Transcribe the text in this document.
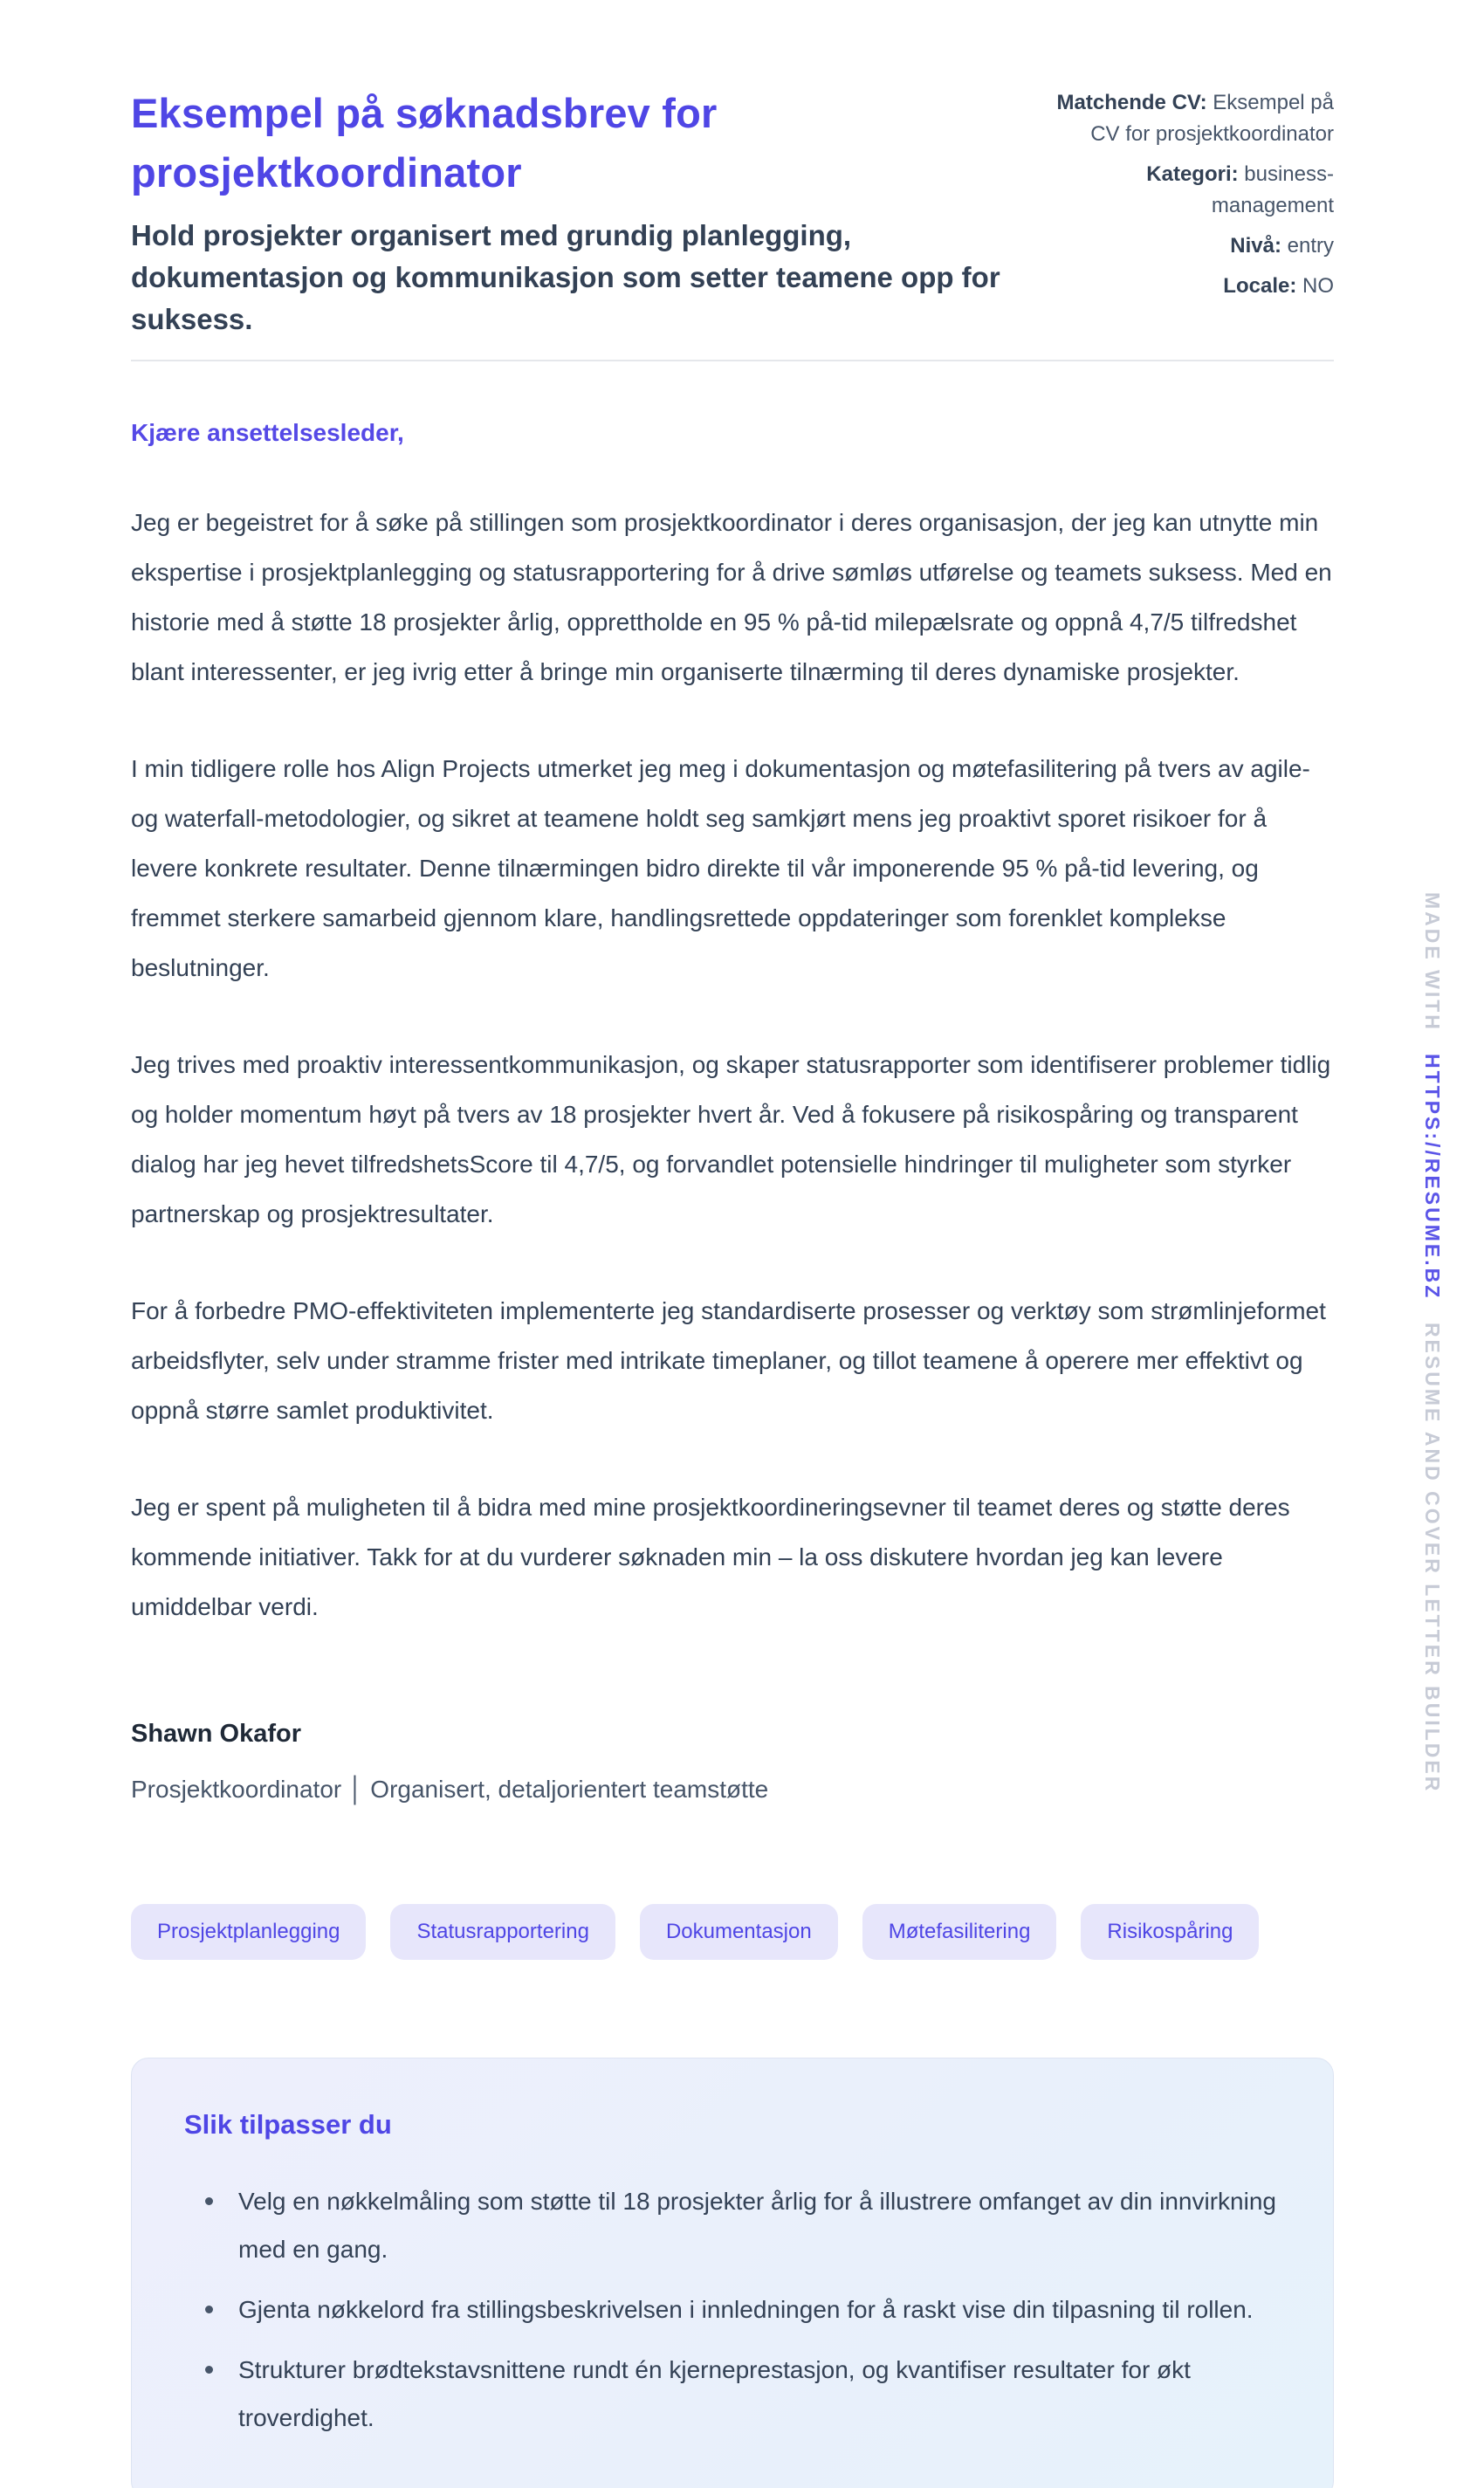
Eksempel på søknadsbrev for prosjektkoordinator

Hold prosjekter organisert med grundig planlegging, dokumentasjon og kommunikasjon som setter teamene opp for suksess.

Matchende CV: Eksempel på CV for prosjektkoordinator
Kategori: business-management
Nivå: entry
Locale: NO

Kjære ansettelsesleder,

Jeg er begeistret for å søke på stillingen som prosjektkoordinator i deres organisasjon, der jeg kan utnytte min ekspertise i prosjektplanlegging og statusrapportering for å drive sømløs utførelse og teamets suksess. Med en historie med å støtte 18 prosjekter årlig, opprettholde en 95 % på-tid milepælsrate og oppnå 4,7/5 tilfredshet blant interessenter, er jeg ivrig etter å bringe min organiserte tilnærming til deres dynamiske prosjekter.

I min tidligere rolle hos Align Projects utmerket jeg meg i dokumentasjon og møtefasilitering på tvers av agile- og waterfall-metodologier, og sikret at teamene holdt seg samkjørt mens jeg proaktivt sporet risikoer for å levere konkrete resultater. Denne tilnærmingen bidro direkte til vår imponerende 95 % på-tid levering, og fremmet sterkere samarbeid gjennom klare, handlingsrettede oppdateringer som forenklet komplekse beslutninger.

Jeg trives med proaktiv interessentkommunikasjon, og skaper statusrapporter som identifiserer problemer tidlig og holder momentum høyt på tvers av 18 prosjekter hvert år. Ved å fokusere på risikospåring og transparent dialog har jeg hevet tilfredshetsScore til 4,7/5, og forvandlet potensielle hindringer til muligheter som styrker partnerskap og prosjektresultater.

For å forbedre PMO-effektiviteten implementerte jeg standardiserte prosesser og verktøy som strømlinjeformet arbeidsflyter, selv under stramme frister med intrikate timeplaner, og tillot teamene å operere mer effektivt og oppnå større samlet produktivitet.

Jeg er spent på muligheten til å bidra med mine prosjektkoordineringsevner til teamet deres og støtte deres kommende initiativer. Takk for at du vurderer søknaden min – la oss diskutere hvordan jeg kan levere umiddelbar verdi.

Shawn Okafor

Prosjektkoordinator │ Organisert, detaljorientert teamstøtte

Prosjektplanlegging	Statusrapportering	Dokumentasjon	Møtefasilitering	Risikospåring
Slik tilpasser du
Velg en nøkkelmåling som støtte til 18 prosjekter årlig for å illustrere omfanget av din innvirkning med en gang.
Gjenta nøkkelord fra stillingsbeskrivelsen i innledningen for å raskt vise din tilpasning til rollen.
Strukturer brødtekstavsnittene rundt én kjerneprestasjon, og kvantifiser resultater for økt troverdighet.
MADE WITH HTTPS://RESUME.BZ RESUME AND COVER LETTER BUILDER
